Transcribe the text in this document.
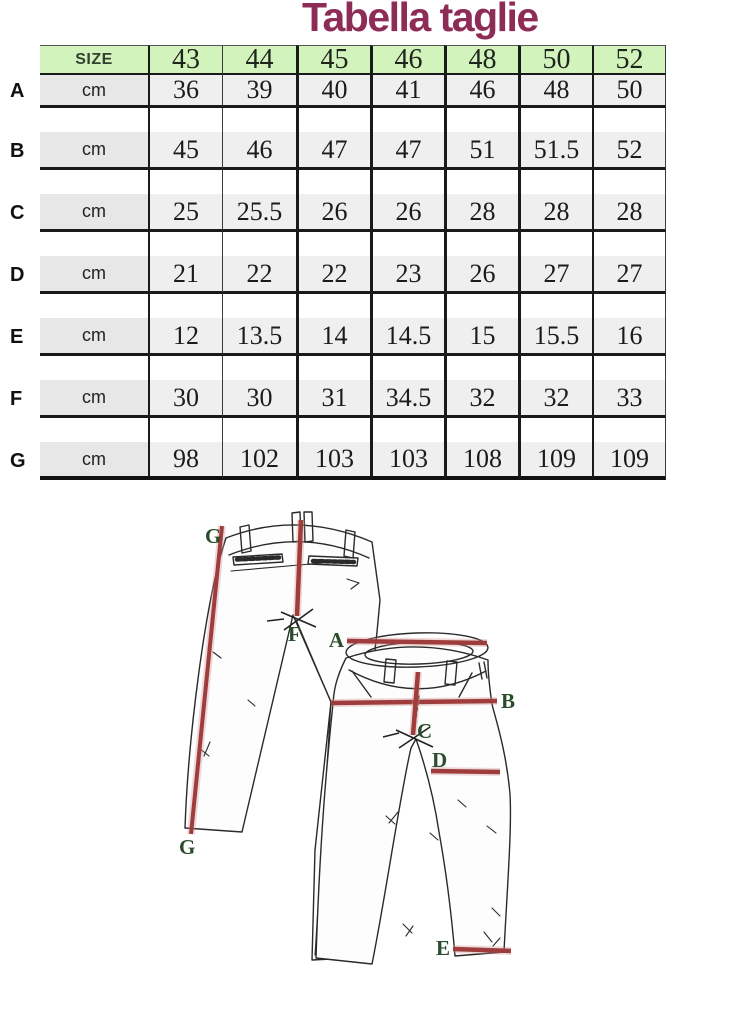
Tabella taglie
SIZE	43	44	45	46	48	50	52
A	cm	36	39	40	41	46	48	50
B	cm	45	46	47	47	51	51.5	52
C	cm	25	25.5	26	26	28	28	28
D	cm	21	22	22	23	26	27	27
E	cm	12	13.5	14	14.5	15	15.5	16
F	cm	30	30	31	34.5	32	32	33
G	cm	98	102	103	103	108	109	109
F
G
G
A
B
C
D
E
